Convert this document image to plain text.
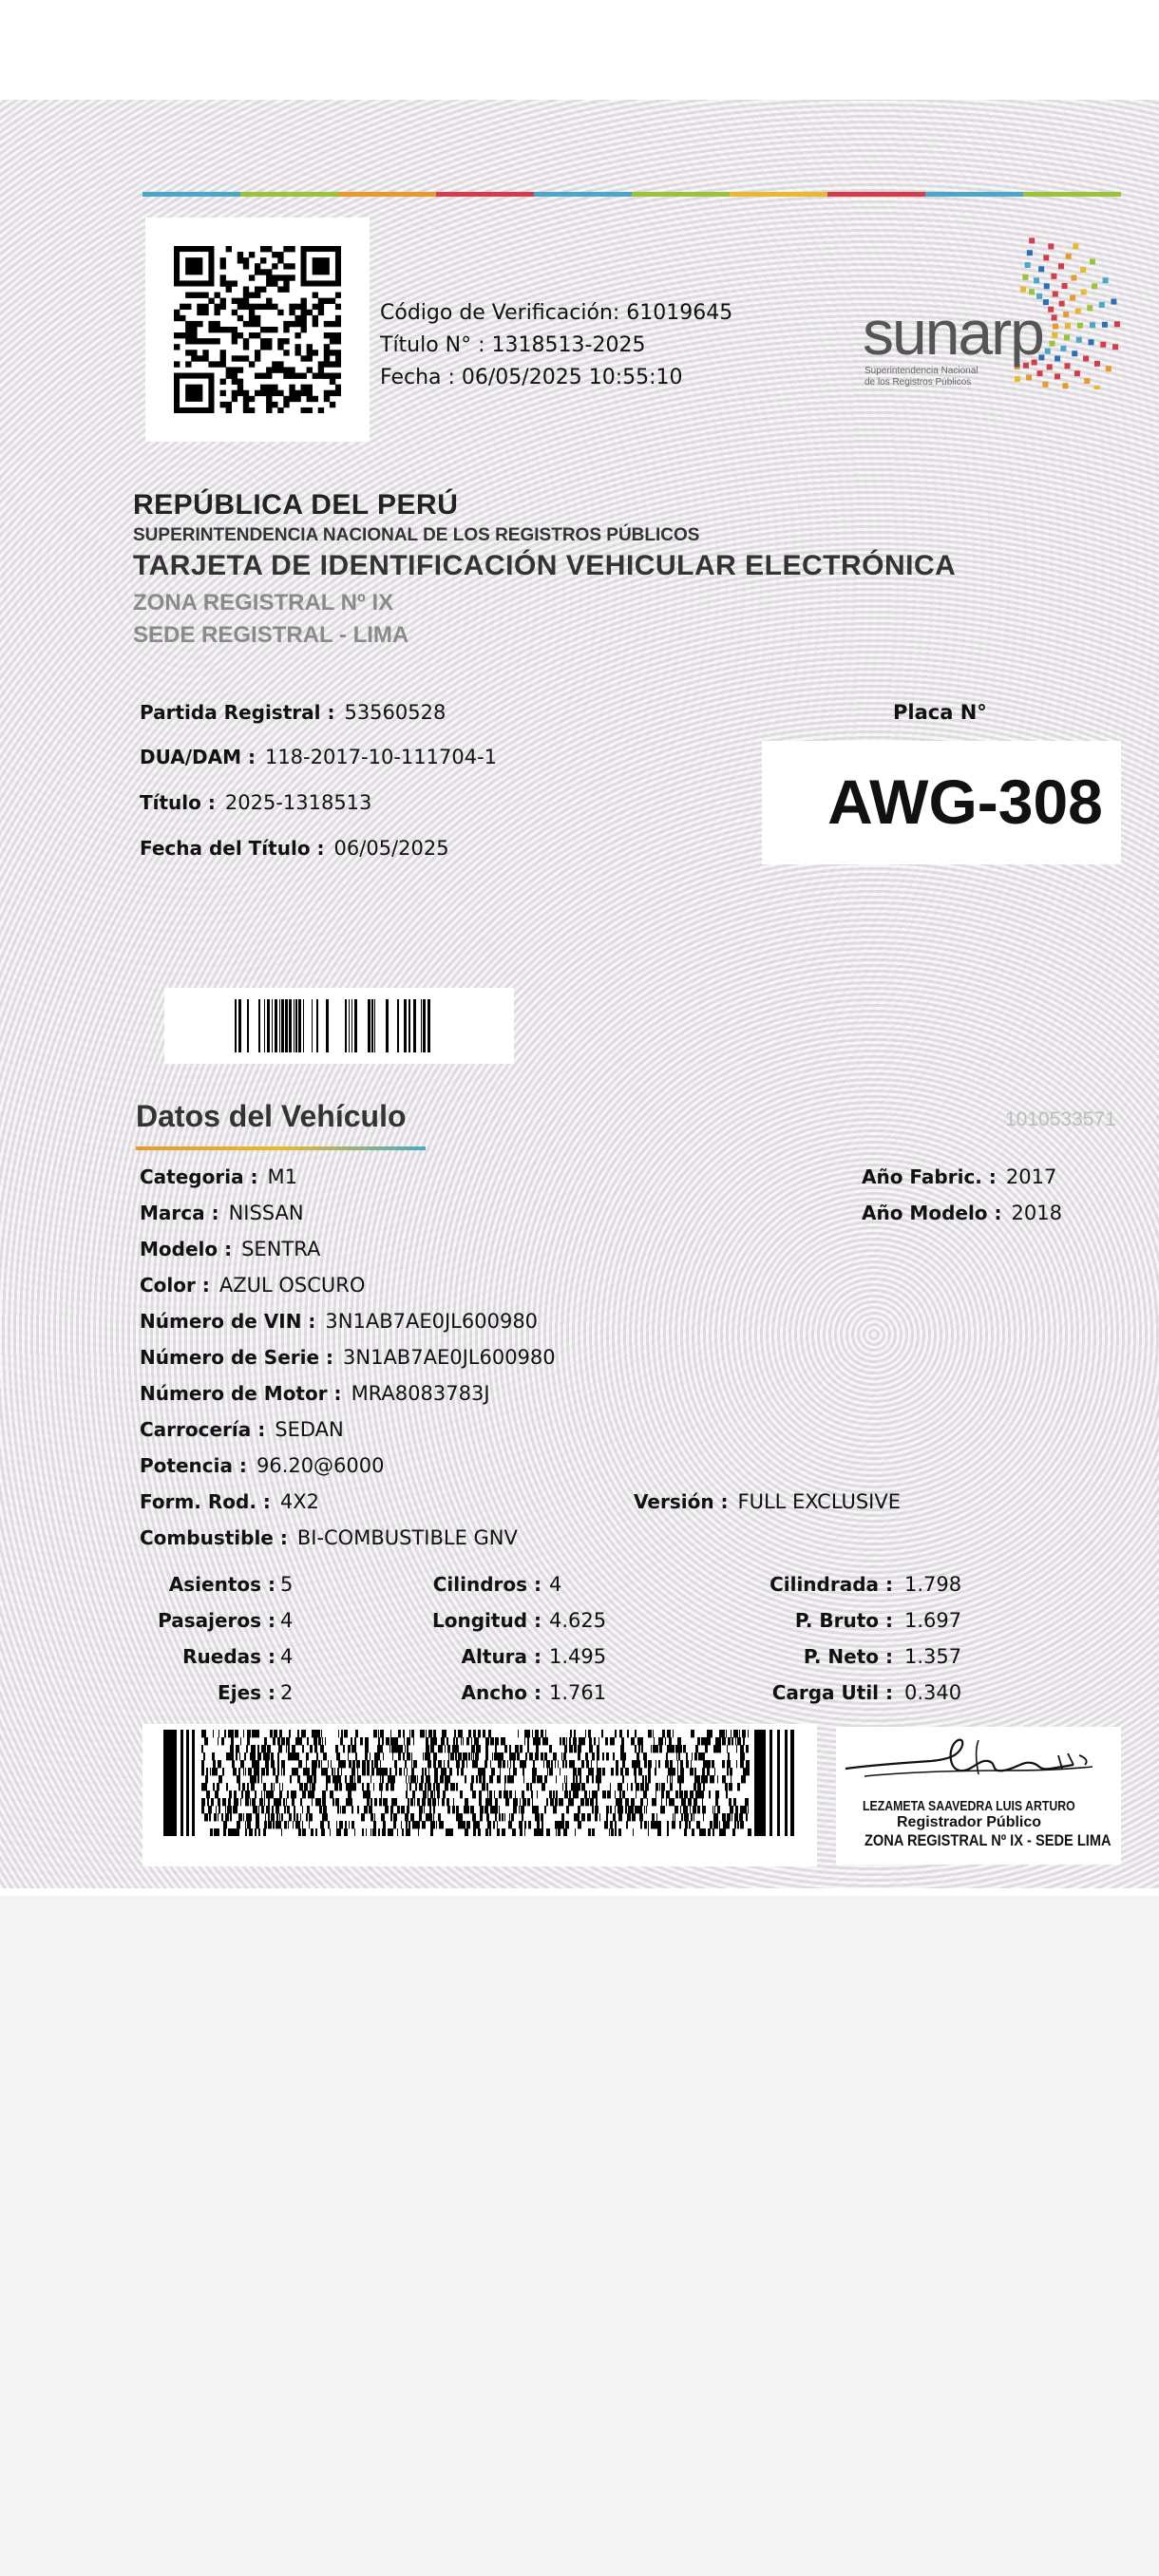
Código de Verificación: 61019645
Título N° : 1318513-2025
Fecha : 06/05/2025 10:55:10
sunarp
Superintendencia Nacional
de los Registros Públicos
REPÚBLICA DEL PERÚ
SUPERINTENDENCIA NACIONAL DE LOS REGISTROS PÚBLICOS
TARJETA DE IDENTIFICACIÓN VEHICULAR ELECTRÓNICA
ZONA REGISTRAL Nº IX
SEDE REGISTRAL - LIMA
Partida Registral : 53560528
DUA/DAM : 118-2017-10-111704-1
Título : 2025-1318513
Fecha del Título : 06/05/2025
Placa N°
AWG-308
Datos del Vehículo	1010533571
Categoria : M1
Marca : NISSAN
Modelo : SENTRA
Color : AZUL OSCURO
Número de VIN : 3N1AB7AE0JL600980
Número de Serie : 3N1AB7AE0JL600980
Número de Motor : MRA8083783J
Carrocería : SEDAN
Potencia : 96.20@6000
Form. Rod. : 4X2
Combustible : BI-COMBUSTIBLE GNV
Versión : FULL EXCLUSIVE
Año Fabric. : 2017
Año Modelo : 2018
Asientos : 5
Pasajeros : 4
Ruedas : 4
Ejes : 2
Cilindros : 4
Longitud : 4.625
Altura : 1.495
Ancho : 1.761
Cilindrada : 1.798
P. Bruto : 1.697
P. Neto : 1.357
Carga Util : 0.340
LEZAMETA SAAVEDRA LUIS ARTURO
Registrador Público
ZONA REGISTRAL Nº IX - SEDE LIMA
